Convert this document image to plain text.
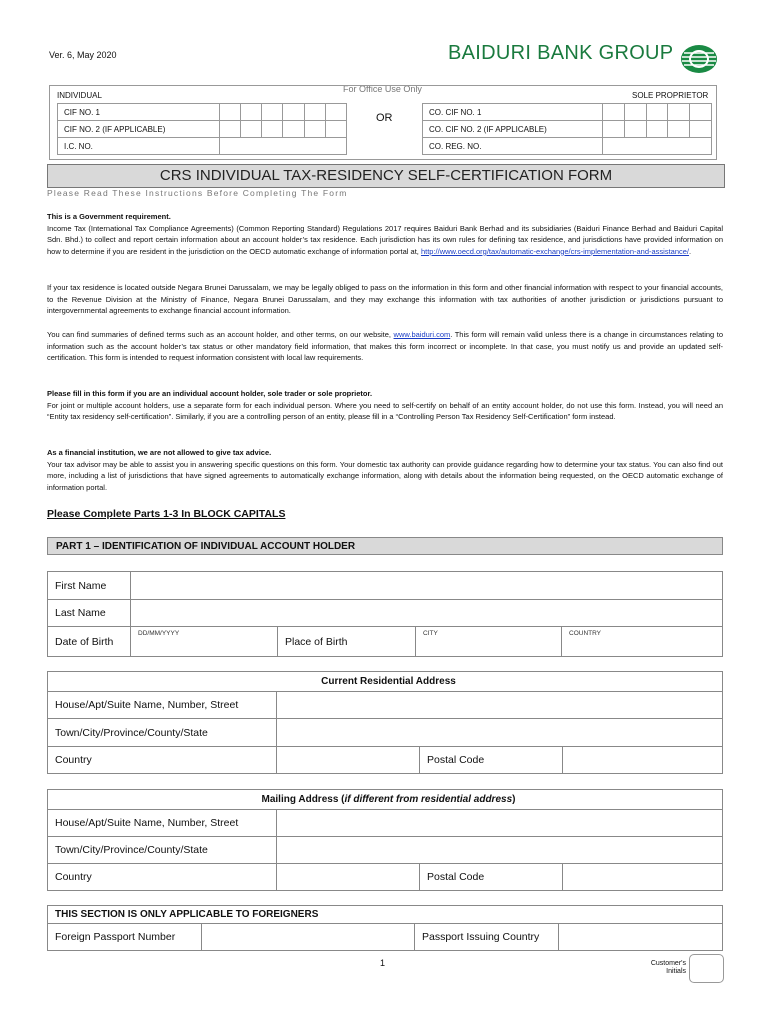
Ver. 6, May 2020	BAIDURI BANK GROUP
For Office Use Only
INDIVIDUAL	SOLE PROPRIETOR
OR
CIF NO. 1						
CIF NO. 2 (IF APPLICABLE)						
I.C. NO.						
CO. CIF NO. 1					
CO. CIF NO. 2 (IF APPLICABLE)					
CO. REG. NO.					
CRS INDIVIDUAL TAX-RESIDENCY SELF-CERTIFICATION FORM
Please Read These Instructions Before Completing The Form
This is a Government requirement.
Income Tax (International Tax Compliance Agreements) (Common Reporting Standard) Regulations 2017 requires Baiduri Bank Berhad and its subsidiaries (Baiduri Finance Berhad and Baiduri Capital Sdn. Bhd.) to collect and report certain information about an account holder’s tax residence. Each jurisdiction has its own rules for defining tax residence, and jurisdictions have provided information on how to determine if you are resident in the jurisdiction on the OECD automatic exchange of information portal at, http://www.oecd.org/tax/automatic-exchange/crs-implementation-and-assistance/.
If your tax residence is located outside Negara Brunei Darussalam, we may be legally obliged to pass on the information in this form and other financial information with respect to your financial accounts, to the Revenue Division at the Ministry of Finance, Negara Brunei Darussalam, and they may exchange this information with tax authorities of another jurisdiction or jurisdictions pursuant to intergovernmental agreements to exchange financial account information.
You can find summaries of defined terms such as an account holder, and other terms, on our website, www.baiduri.com. This form will remain valid unless there is a change in circumstances relating to information such as the account holder’s tax status or other mandatory field information, that makes this form incorrect or incomplete. In that case, you must notify us and provide an updated self-certification. This form is intended to request information consistent with local law requirements.
Please fill in this form if you are an individual account holder, sole trader or sole proprietor.
For joint or multiple account holders, use a separate form for each individual person. Where you need to self-certify on behalf of an entity account holder, do not use this form. Instead, you will need an “Entity tax residency self-certification”. Similarly, if you are a controlling person of an entity, please fill in a “Controlling Person Tax Residency Self-Certification” form instead.
As a financial institution, we are not allowed to give tax advice.
Your tax advisor may be able to assist you in answering specific questions on this form. Your domestic tax authority can provide guidance regarding how to determine your tax status. You can also find out more, including a list of jurisdictions that have signed agreements to automatically exchange information, along with details about the information being requested, on the OECD automatic exchange of information portal.
Please Complete Parts 1-3 In BLOCK CAPITALS
PART 1 – IDENTIFICATION OF INDIVIDUAL ACCOUNT HOLDER
First Name				
Last Name				
Date of Birth	DD/MM/YYYY	Place of Birth	CITY	COUNTRY
Current Residential Address			
House/Apt/Suite Name, Number, Street			
Town/City/Province/County/State			
Country		Postal Code	
Mailing Address (if different from residential address)			
House/Apt/Suite Name, Number, Street			
Town/City/Province/County/State			
Country		Postal Code	
THIS SECTION IS ONLY APPLICABLE TO FOREIGNERS
Foreign Passport Number		Passport Issuing Country	
1	Customer's
Initials
